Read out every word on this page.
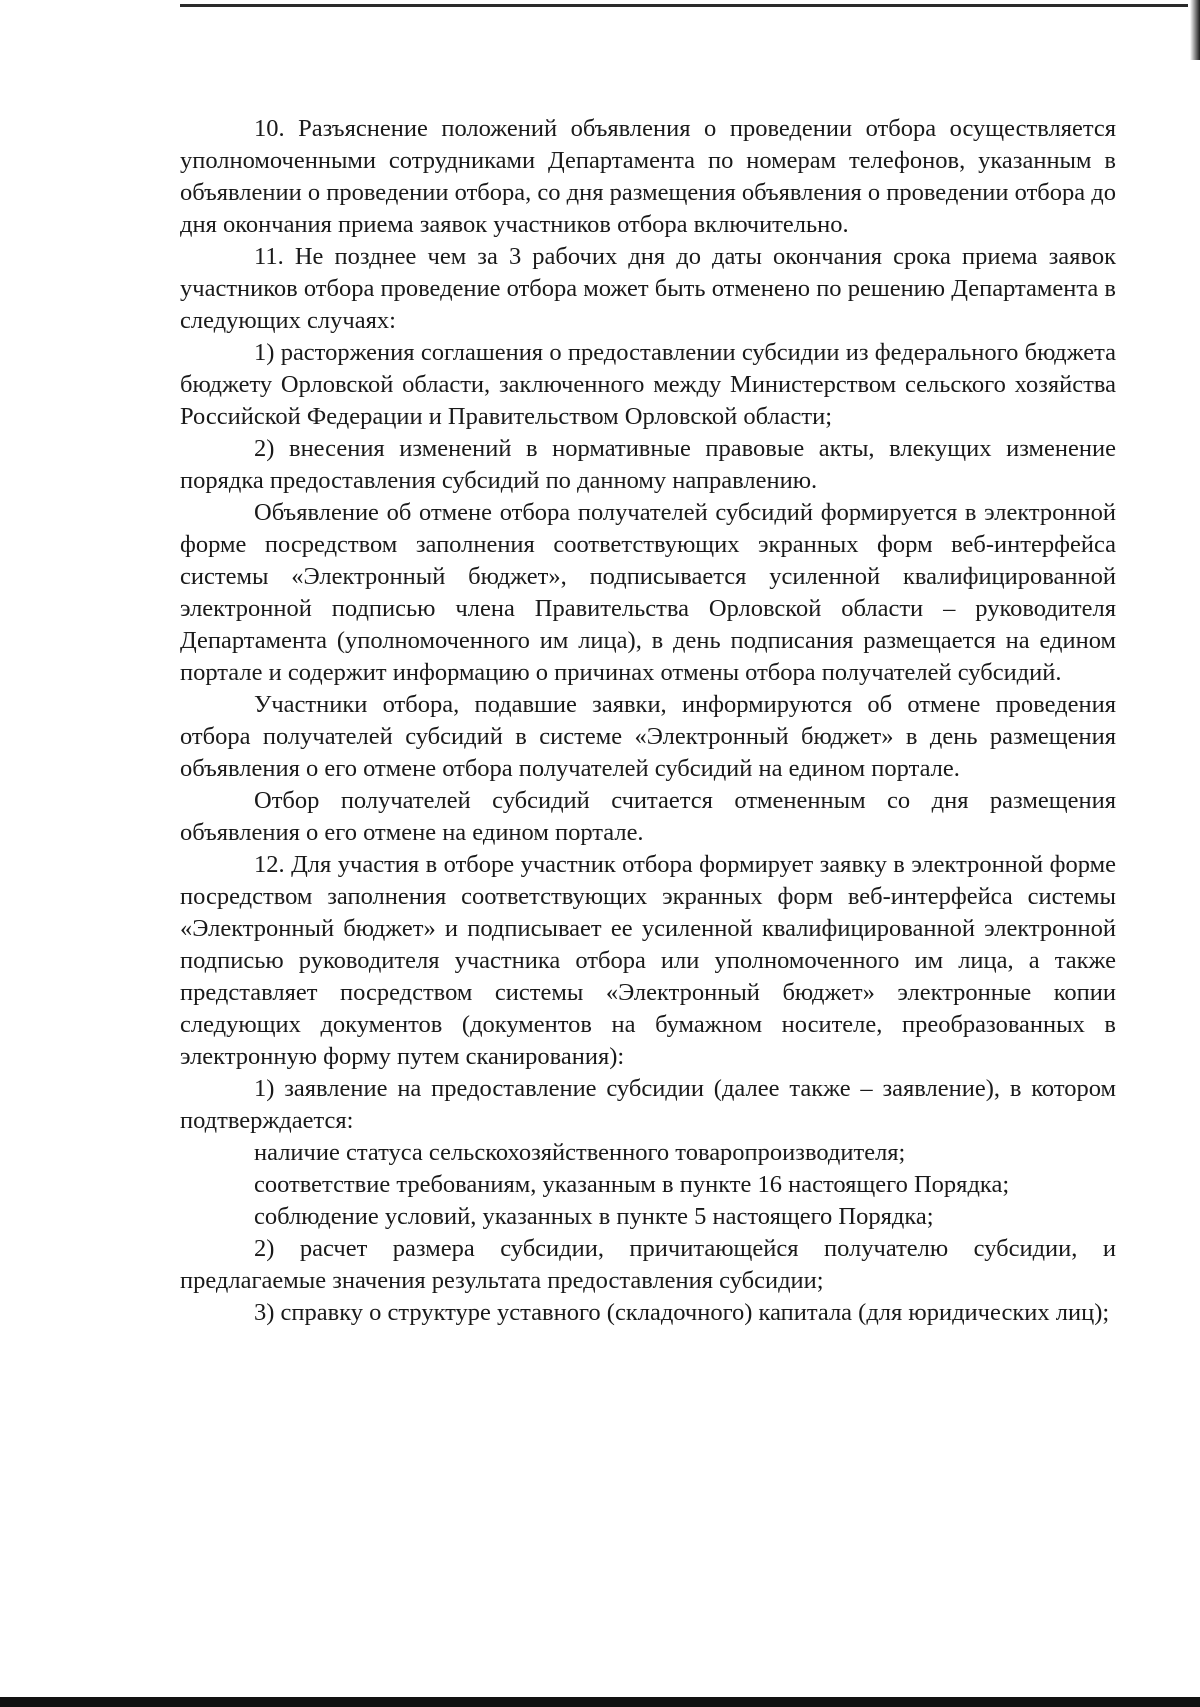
10. Разъяснение положений объявления о проведении отбора осуществляется уполномоченными сотрудниками Департамента по номерам телефонов, указанным в объявлении о проведении отбора, со дня размещения объявления о проведении отбора до дня окончания приема заявок участников отбора включительно.

11. Не позднее чем за 3 рабочих дня до даты окончания срока приема заявок участников отбора проведение отбора может быть отменено по решению Департамента в следующих случаях:

1) расторжения соглашения о предоставлении субсидии из федерального бюджета бюджету Орловской области, заключенного между Министерством сельского хозяйства Российской Федерации и Правительством Орловской области;

2) внесения изменений в нормативные правовые акты, влекущих изменение порядка предоставления субсидий по данному направлению.

Объявление об отмене отбора получателей субсидий формируется в электронной форме посредством заполнения соответствующих экранных форм веб-интерфейса системы «Электронный бюджет», подписывается усиленной квалифицированной электронной подписью члена Правительства Орловской области – руководителя Департамента (уполномоченного им лица), в день подписания размещается на едином портале и содержит информацию о причинах отмены отбора получателей субсидий.

Участники отбора, подавшие заявки, информируются об отмене проведения отбора получателей субсидий в системе «Электронный бюджет» в день размещения объявления о его отмене отбора получателей субсидий на едином портале.

Отбор получателей субсидий считается отмененным со дня размещения объявления о его отмене на едином портале.

12. Для участия в отборе участник отбора формирует заявку в электронной форме посредством заполнения соответствующих экранных форм веб-интерфейса системы «Электронный бюджет» и подписывает ее усиленной квалифицированной электронной подписью руководителя участника отбора или уполномоченного им лица, а также представляет посредством системы «Электронный бюджет» электронные копии следующих документов (документов на бумажном носителе, преобразованных в электронную форму путем сканирования):

1) заявление на предоставление субсидии (далее также – заявление), в котором подтверждается:

наличие статуса сельскохозяйственного товаропроизводителя;

соответствие требованиям, указанным в пункте 16 настоящего Порядка;

соблюдение условий, указанных в пункте 5 настоящего Порядка;

2) расчет размера субсидии, причитающейся получателю субсидии, и предлагаемые значения результата предоставления субсидии;

3) справку о структуре уставного (складочного) капитала (для юридических лиц);
